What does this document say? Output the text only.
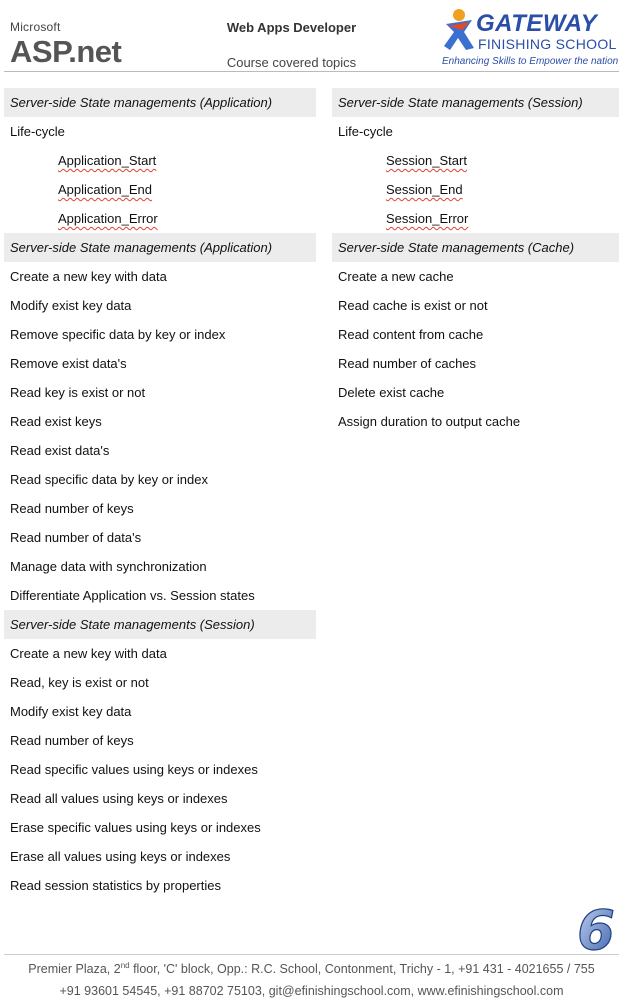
Microsoft
ASP.net
Web Apps Developer
Course covered topics
GATEWAY
FINISHING SCHOOL
Enhancing Skills to Empower the nation
Server-side State managements (Application)
Life-cycle
Application_Start
Application_End
Application_Error
Server-side State managements (Application)
Create a new key with data
Modify exist key data
Remove specific data by key or index
Remove exist data's
Read key is exist or not
Read exist keys
Read exist data's
Read specific data by key or index
Read number of keys
Read number of data's
Manage data with synchronization
Differentiate Application vs. Session states
Server-side State managements (Session)
Create a new key with data
Read, key is exist or not
Modify exist key data
Read number of keys
Read specific values using keys or indexes
Read all values using keys or indexes
Erase specific values using keys or indexes
Erase all values using keys or indexes
Read session statistics by properties
Server-side State managements (Session)
Life-cycle
Session_Start
Session_End
Session_Error
Server-side State managements (Cache)
Create a new cache
Read cache is exist or not
Read content from cache
Read number of caches
Delete exist cache
Assign duration to output cache
6
Premier Plaza, 2nd floor, 'C' block, Opp.: R.C. School, Contonment, Trichy - 1, +91 431 - 4021655 / 755
+91 93601 54545, +91 88702 75103, git@efinishingschool.com, www.efinishingschool.com
